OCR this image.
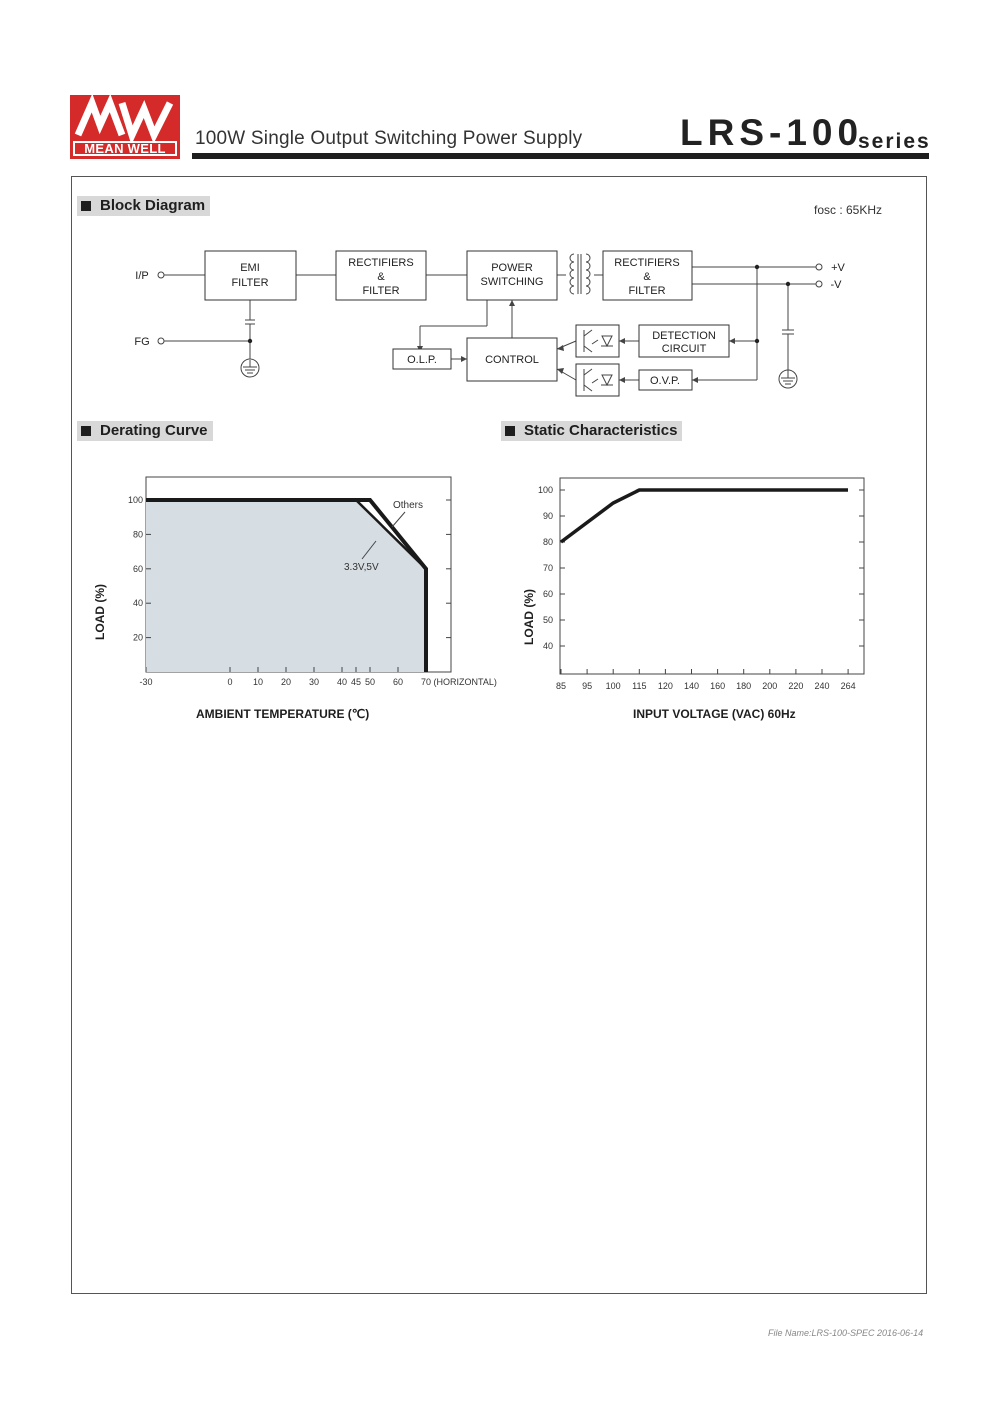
MEAN WELL	100W Single Output Switching Power Supply	LRS-100
series
Block Diagram	fosc : 65KHz
Derating Curve	Static Characteristics
I/P
FG
+V
-V
EMI
FILTER
RECTIFIERS
&
FILTER
POWER
SWITCHING
RECTIFIERS
&
FILTER
O.L.P.	CONTROL
DETECTION
CIRCUIT
O.V.P.
100
80
60
40
20
-30	0 10 20 30 40 45 50 60 70 (HORIZONTAL)
Others
3.3V,5V
LOAD (%)
AMBIENT TEMPERATURE (℃)
100
90
80
70
60
50
40
85 95 100 115 120 140 160 180 200 220 240 264
LOAD (%)
INPUT VOLTAGE (VAC) 60Hz
File Name:LRS-100-SPEC 2016-06-14
